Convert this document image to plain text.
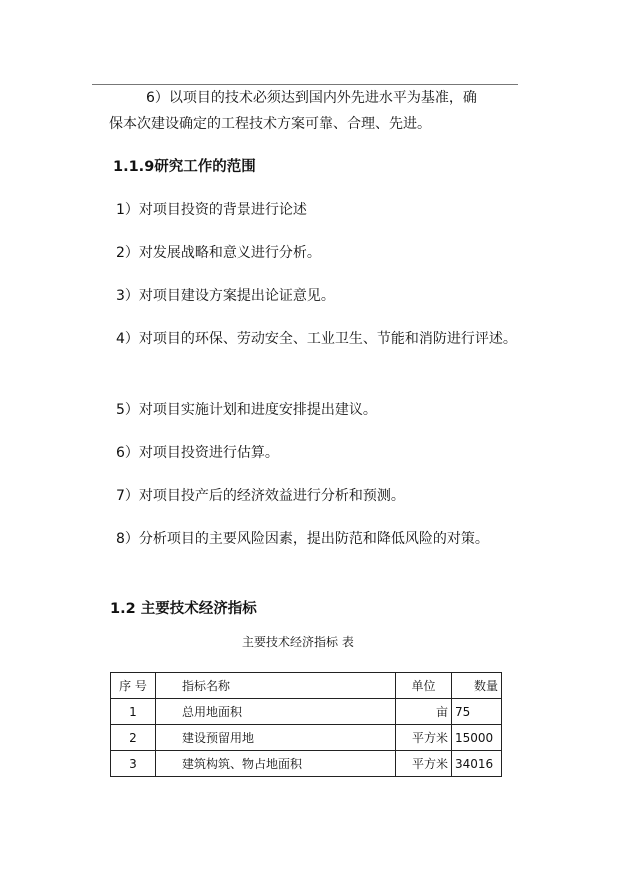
6）以项目的技术必须达到国内外先进水平为基准，确
保本次建设确定的工程技术方案可靠、合理、先进。
1.1.9研究工作的范围
1）对项目投资的背景进行论述
2）对发展战略和意义进行分析。
3）对项目建设方案提出论证意见。
4）对项目的环保、劳动安全、工业卫生、节能和消防进行评述。
5）对项目实施计划和进度安排提出建议。
6）对项目投资进行估算。
7）对项目投产后的经济效益进行分析和预测。
8）分析项目的主要风险因素，提出防范和降低风险的对策。
1.2 主要技术经济指标
主要技术经济指标 表
序 号	指标名称	单位	数量
1	总用地面积	亩	75
2	建设预留用地	平方米	15000
3	建筑构筑、物占地面积	平方米	34016
